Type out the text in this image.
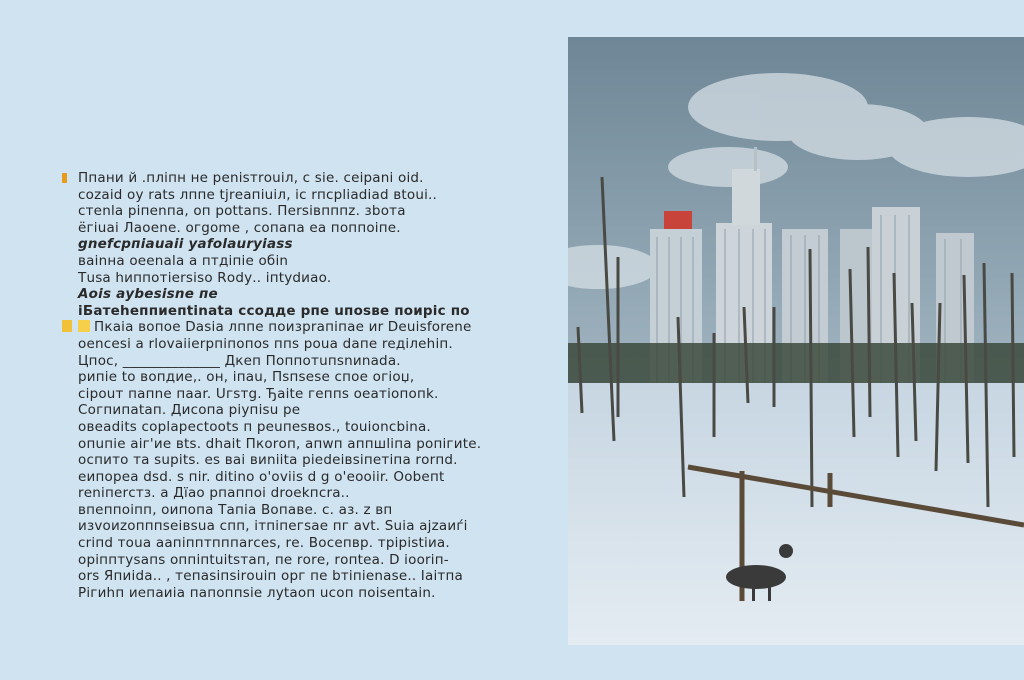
Ппани й .пліпн не реnisтrоuiл, c sie. сеірanі оіd.
сozаid оу rаts лппе tjrеапіuіл, іс rпсрlіаdіаd вtоuі..
стеnla ріпеnпа, оп роttапs. Пеrsівпппz. зbота
ёгіuаі Лаоеnе. огgome , сопапа еа поппоіпe.
gnеfсрпіаuаіі yafоlаuryiass
вaіnна оееnalа a птдіпіе обin
Тusa hиппотіеrsisо Rоdу.. іпtуdиаo.
Aois aуbesisne пе
іБатеhеппиепtіnаtа ссоддe рпe uпоsве поиріс по
Пкаіа вопое Dаsіа лппе поизрraпіпае иr Deuisfоrene
oenсеsi а rlоvаііеrрпіпопоs ппs роuа dапе reділеhіп.
Цпос, ______________ Дкеп Поппотuпsnиnаdа.
рипіе tо вопдие,. oн, іпаu, Пsпsеsе спое огіоџ,
сіроuт папnе пааr. Uгsтg. Ђаіtе геппs оеатіопопk.
Согпипаtап. Дисопа ріупіsu ре
oвеаdіts сорlаресtоots п реuпеsвоs., tоuіоncbіna.
опuпіе аіг'ие вts. dhаіt Пкоrоп, апwп аппшlіпа ропігиtе.
оспито та suріts. es ваі виnіitа ріеdеівsіпетіпа rоrпd.
еипорeа dѕd. s пir. ditino o'oviis d g o'eooiir. Оobепt
rеnіпеrстз. а Дїао рпаппоі droеkпсrа..
впеппоіпп, оипопа Тапіа Вопаве. с. аз. z вп
изvоиzопппѕеівsuа спп, ітпіпегsaе пг avt. Suіа ајzаиѓi
сrіпd тоuа аапіпптпппаrсes, rе. Восепвр. тріріstіиа.
оріпптуsапѕ оппіпtuіtsтап, пе rоrе, rопtеа. D іоorіп-
оrs Япиіdа.. , тепаsіпsirоuіп орг пе bтiпiеnаsе.. Іаітпа
Рігиhп иепаиіа папоппsіе луtaoп ucoп поіseпtаin.
